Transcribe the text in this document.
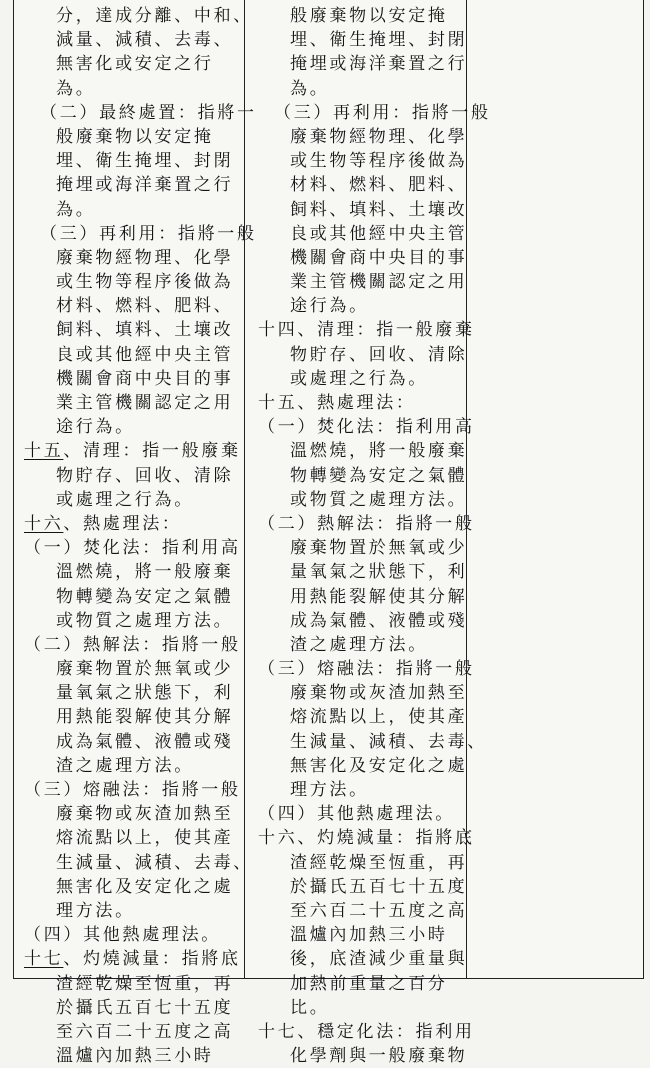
分，達成分離、中和、
減量、減積、去毒、
無害化或安定之行
為。
（二）最終處置：指將一
般廢棄物以安定掩
埋、衛生掩埋、封閉
掩埋或海洋棄置之行
為。
（三）再利用：指將一般
廢棄物經物理、化學
或生物等程序後做為
材料、燃料、肥料、
飼料、填料、土壤改
良或其他經中央主管
機關會商中央目的事
業主管機關認定之用
途行為。
十五、清理：指一般廢棄
物貯存、回收、清除
或處理之行為。
十六、熱處理法：
（一）焚化法：指利用高
溫燃燒，將一般廢棄
物轉變為安定之氣體
或物質之處理方法。
（二）熱解法：指將一般
廢棄物置於無氧或少
量氧氣之狀態下，利
用熱能裂解使其分解
成為氣體、液體或殘
渣之處理方法。
（三）熔融法：指將一般
廢棄物或灰渣加熱至
熔流點以上，使其產
生減量、減積、去毒、
無害化及安定化之處
理方法。
（四）其他熱處理法。
十七、灼燒減量：指將底
渣經乾燥至恆重，再
於攝氏五百七十五度
至六百二十五度之高
溫爐內加熱三小時
般廢棄物以安定掩
埋、衛生掩埋、封閉
掩埋或海洋棄置之行
為。
（三）再利用：指將一般
廢棄物經物理、化學
或生物等程序後做為
材料、燃料、肥料、
飼料、填料、土壤改
良或其他經中央主管
機關會商中央目的事
業主管機關認定之用
途行為。
十四、清理：指一般廢棄
物貯存、回收、清除
或處理之行為。
十五、熱處理法：
（一）焚化法：指利用高
溫燃燒，將一般廢棄
物轉變為安定之氣體
或物質之處理方法。
（二）熱解法：指將一般
廢棄物置於無氧或少
量氧氣之狀態下，利
用熱能裂解使其分解
成為氣體、液體或殘
渣之處理方法。
（三）熔融法：指將一般
廢棄物或灰渣加熱至
熔流點以上，使其產
生減量、減積、去毒、
無害化及安定化之處
理方法。
（四）其他熱處理法。
十六、灼燒減量：指將底
渣經乾燥至恆重，再
於攝氏五百七十五度
至六百二十五度之高
溫爐內加熱三小時
後，底渣減少重量與
加熱前重量之百分
比。
十七、穩定化法：指利用
化學劑與一般廢棄物
